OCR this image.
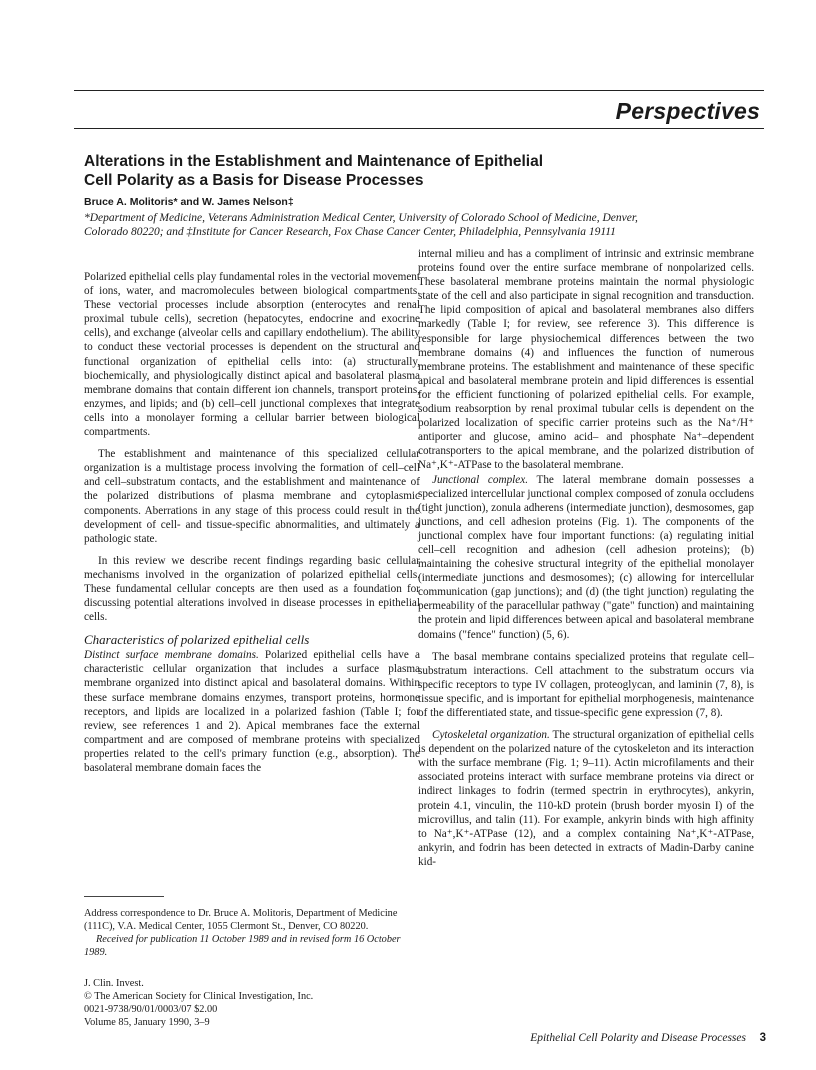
Perspectives
Alterations in the Establishment and Maintenance of Epithelial
Cell Polarity as a Basis for Disease Processes
Bruce A. Molitoris* and W. James Nelson‡
*Department of Medicine, Veterans Administration Medical Center, University of Colorado School of Medicine, Denver,
Colorado 80220; and ‡Institute for Cancer Research, Fox Chase Cancer Center, Philadelphia, Pennsylvania 19111

Polarized epithelial cells play fundamental roles in the vectorial movement of ions, water, and macromolecules between biological compartments. These vectorial processes include absorption (enterocytes and renal proximal tubule cells), secretion (hepatocytes, endocrine and exocrine cells), and exchange (alveolar cells and capillary endothelium). The ability to conduct these vectorial processes is dependent on the structural and functional organization of epithelial cells into: (a) structurally, biochemically, and physiologically distinct apical and basolateral plasma membrane domains that contain different ion channels, transport proteins, enzymes, and lipids; and (b) cell–cell junctional complexes that integrate cells into a monolayer forming a cellular barrier between biological compartments.

The establishment and maintenance of this specialized cellular organization is a multistage process involving the formation of cell–cell and cell–substratum contacts, and the establishment and maintenance of the polarized distributions of plasma membrane and cytoplasmic components. Aberrations in any stage of this process could result in the development of cell- and tissue-specific abnormalities, and ultimately a pathologic state.

In this review we describe recent findings regarding basic cellular mechanisms involved in the organization of polarized epithelial cells. These fundamental cellular concepts are then used as a foundation for discussing potential alterations involved in disease processes in epithelial cells.

Characteristics of polarized epithelial cells

Distinct surface membrane domains. Polarized epithelial cells have a characteristic cellular organization that includes a surface plasma membrane organized into distinct apical and basolateral domains. Within these surface membrane domains enzymes, transport proteins, hormone receptors, and lipids are localized in a polarized fashion (Table I; for review, see references 1 and 2). Apical membranes face the external compartment and are composed of membrane proteins with specialized properties related to the cell's primary function (e.g., absorption). The basolateral membrane domain faces the

internal milieu and has a compliment of intrinsic and extrinsic membrane proteins found over the entire surface membrane of nonpolarized cells. These basolateral membrane proteins maintain the normal physiologic state of the cell and also participate in signal recognition and transduction. The lipid composition of apical and basolateral membranes also differs markedly (Table I; for review, see reference 3). This difference is responsible for large physiochemical differences between the two membrane domains (4) and influences the function of numerous membrane proteins. The establishment and maintenance of these specific apical and basolateral membrane protein and lipid differences is essential for the efficient functioning of polarized epithelial cells. For example, sodium reabsorption by renal proximal tubular cells is dependent on the polarized localization of specific carrier proteins such as the Na⁺/H⁺ antiporter and glucose, amino acid– and phosphate Na⁺–dependent cotransporters to the apical membrane, and the polarized distribution of Na⁺,K⁺-ATPase to the basolateral membrane.

Junctional complex. The lateral membrane domain possesses a specialized intercellular junctional complex composed of zonula occludens (tight junction), zonula adherens (intermediate junction), desmosomes, gap junctions, and cell adhesion proteins (Fig. 1). The components of the junctional complex have four important functions: (a) regulating initial cell–cell recognition and adhesion (cell adhesion proteins); (b) maintaining the cohesive structural integrity of the epithelial monolayer (intermediate junctions and desmosomes); (c) allowing for intercellular communication (gap junctions); and (d) (the tight junction) regulating the permeability of the paracellular pathway ("gate" function) and maintaining the protein and lipid differences between apical and basolateral membrane domains ("fence" function) (5, 6).

The basal membrane contains specialized proteins that regulate cell–substratum interactions. Cell attachment to the substratum occurs via specific receptors to type IV collagen, proteoglycan, and laminin (7, 8), is tissue specific, and is important for epithelial morphogenesis, maintenance of the differentiated state, and tissue-specific gene expression (7, 8).

Cytoskeletal organization. The structural organization of epithelial cells is dependent on the polarized nature of the cytoskeleton and its interaction with the surface membrane (Fig. 1; 9–11). Actin microfilaments and their associated proteins interact with surface membrane proteins via direct or indirect linkages to fodrin (termed spectrin in erythrocytes), ankyrin, protein 4.1, vinculin, the 110-kD protein (brush border myosin I) of the microvillus, and talin (11). For example, ankyrin binds with high affinity to Na⁺,K⁺-ATPase (12), and a complex containing Na⁺,K⁺-ATPase, ankyrin, and fodrin has been detected in extracts of Madin-Darby canine kid-

Address correspondence to Dr. Bruce A. Molitoris, Department of Medicine (111C), V.A. Medical Center, 1055 Clermont St., Denver, CO 80220.

Received for publication 11 October 1989 and in revised form 16 October 1989.

J. Clin. Invest.
© The American Society for Clinical Investigation, Inc.
0021-9738/90/01/0003/07 $2.00
Volume 85, January 1990, 3–9
Epithelial Cell Polarity and Disease Processes 3
